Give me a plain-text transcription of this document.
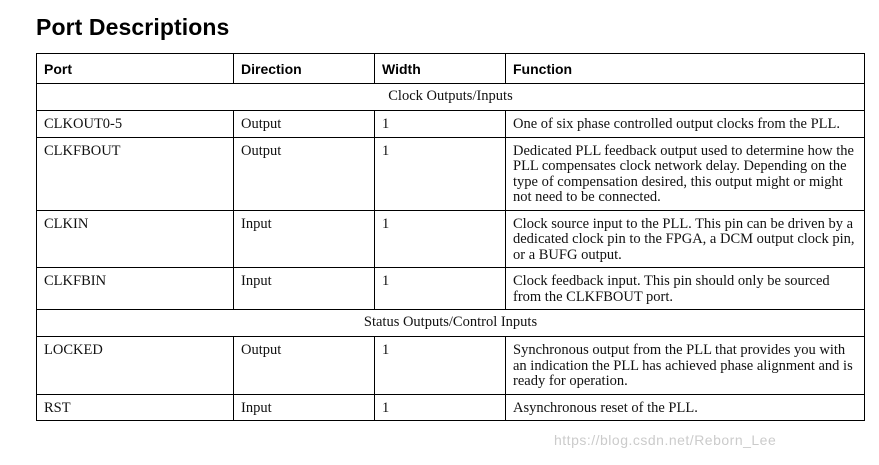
Port Descriptions
Port	Direction	Width	Function
Clock Outputs/Inputs			
CLKOUT0-5	Output	1	One of six phase controlled output clocks from the PLL.
CLKFBOUT	Output	1	Dedicated PLL feedback output used to determine how the PLL compensates clock network delay. Depending on the type of compensation desired, this output might or might not need to be connected.
CLKIN	Input	1	Clock source input to the PLL. This pin can be driven by a dedicated clock pin to the FPGA, a DCM output clock pin, or a BUFG output.
CLKFBIN	Input	1	Clock feedback input. This pin should only be sourced from the CLKFBOUT port.
Status Outputs/Control Inputs			
LOCKED	Output	1	Synchronous output from the PLL that provides you with an indication the PLL has achieved phase alignment and is ready for operation.
RST	Input	1	Asynchronous reset of the PLL.
https://blog.csdn.net/Reborn_Lee
